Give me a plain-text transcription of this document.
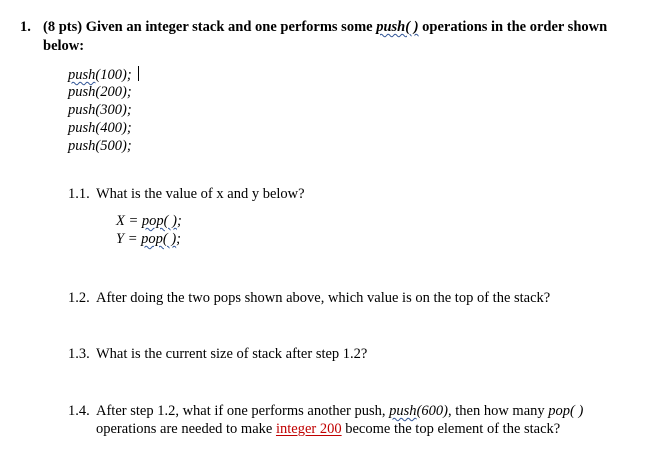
1. (8 pts) Given an integer stack and one performs some push( ) operations in the order shown
below:
push(100);
push(200);
push(300);
push(400);
push(500);
1.1. What is the value of x and y below?
X = pop( );
Y = pop( );
1.2. After doing the two pops shown above, which value is on the top of the stack?
1.3. What is the current size of stack after step 1.2?
1.4. After step 1.2, what if one performs another push, push(600), then how many pop( )
operations are needed to make integer 200 become the top element of the stack?
